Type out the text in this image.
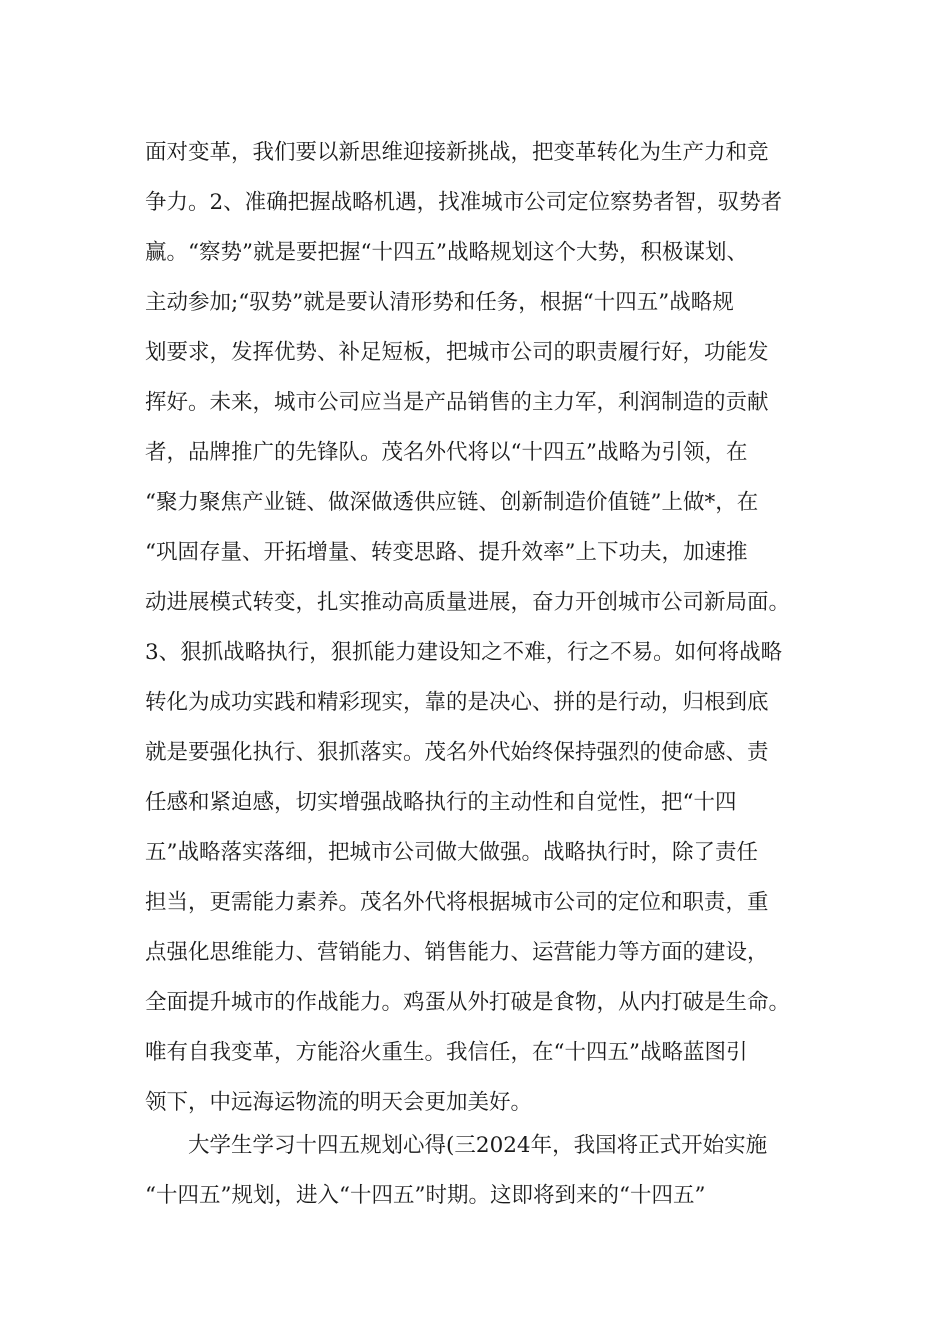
面对变革，我们要以新思维迎接新挑战，把变革转化为生产力和竞
争力。2、准确把握战略机遇，找准城市公司定位察势者智，驭势者
赢。“察势”就是要把握“十四五”战略规划这个大势，积极谋划、
主动参加;“驭势”就是要认清形势和任务，根据“十四五”战略规
划要求，发挥优势、补足短板，把城市公司的职责履行好，功能发
挥好。未来，城市公司应当是产品销售的主力军，利润制造的贡献
者，品牌推广的先锋队。茂名外代将以“十四五”战略为引领，在
“聚力聚焦产业链、做深做透供应链、创新制造价值链”上做*，在
“巩固存量、开拓增量、转变思路、提升效率”上下功夫，加速推
动进展模式转变，扎实推动高质量进展，奋力开创城市公司新局面。
3、狠抓战略执行，狠抓能力建设知之不难，行之不易。如何将战略
转化为成功实践和精彩现实，靠的是决心、拼的是行动，归根到底
就是要强化执行、狠抓落实。茂名外代始终保持强烈的使命感、责
任感和紧迫感，切实增强战略执行的主动性和自觉性，把“十四
五”战略落实落细，把城市公司做大做强。战略执行时，除了责任
担当，更需能力素养。茂名外代将根据城市公司的定位和职责，重
点强化思维能力、营销能力、销售能力、运营能力等方面的建设，
全面提升城市的作战能力。鸡蛋从外打破是食物，从内打破是生命。
唯有自我变革，方能浴火重生。我信任，在“十四五”战略蓝图引
领下，中远海运物流的明天会更加美好。
大学生学习十四五规划心得(三2024年，我国将正式开始实施
“十四五”规划，进入“十四五”时期。这即将到来的“十四五”
